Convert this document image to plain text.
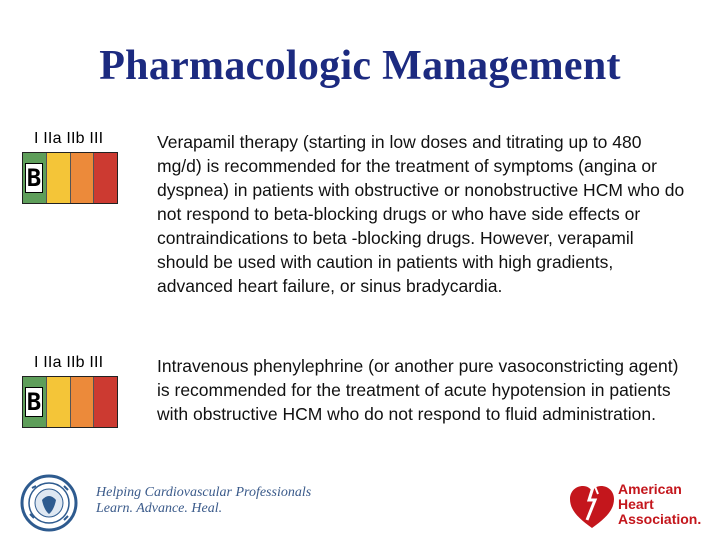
Pharmacologic Management
I IIa IIb III
B
Verapamil therapy (starting in low doses and titrating up to 480 mg/d) is recommended for the treatment of symptoms (angina or dyspnea) in patients with obstructive or nonobstructive HCM who do not respond to beta-blocking drugs or who have side effects or contraindications to beta -blocking drugs. However, verapamil should be used with caution in patients with high gradients, advanced heart failure, or sinus bradycardia.
I IIa IIb III
B
Intravenous phenylephrine (or another pure vasoconstricting agent) is recommended for the treatment of acute hypotension in patients with obstructive HCM who do not respond to fluid administration.
Helping Cardiovascular Professionals
Learn. Advance. Heal.
American
Heart
Association.
